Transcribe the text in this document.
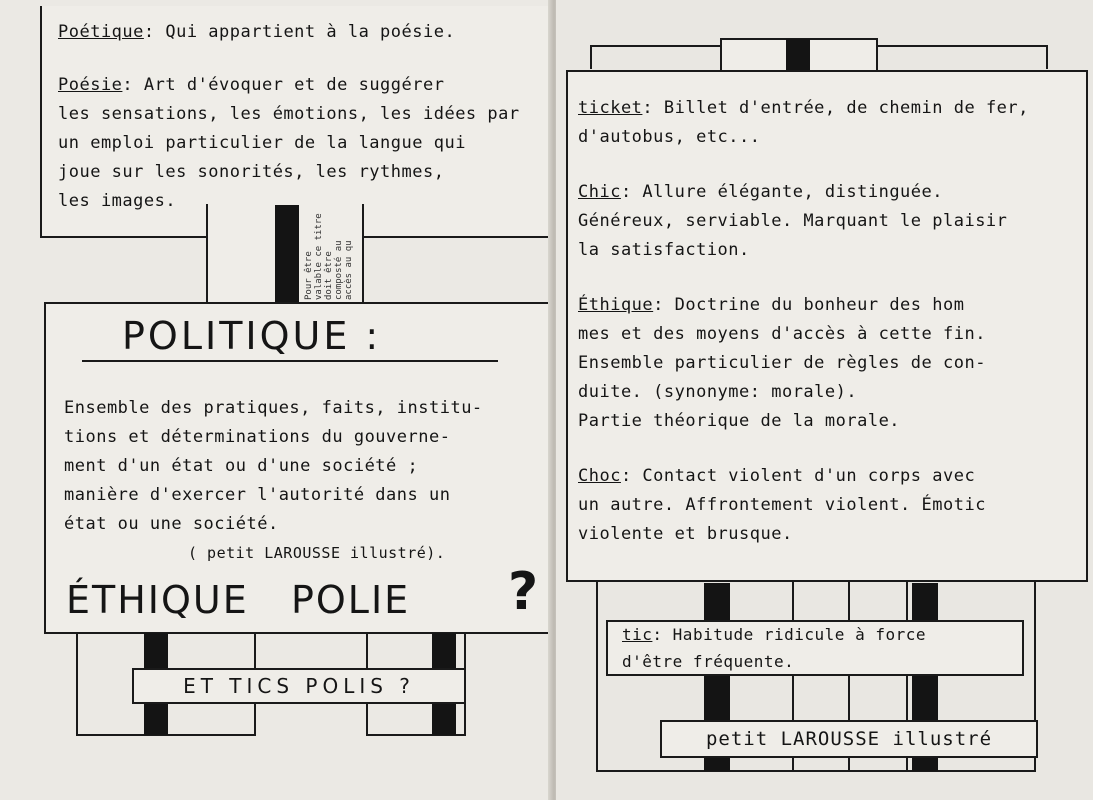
Poétique: Qui appartient à la poésie.
Poésie: Art d'évoquer et de suggérer
les sensations, les émotions, les idées par
un emploi particulier de la langue qui
joue sur les sonorités, les rythmes,
les images.
Pour être valable ce titre doit être composté au accès au qu
POLITIQUE :
Ensemble des pratiques, faits, institu-
tions et déterminations du gouverne-
ment d'un état ou d'une société ;
manière d'exercer l'autorité dans un
état ou une société.
( petit LAROUSSE illustré).
ÉTHIQUE   POLIE ?
ET TICS POLIS ?
ticket: Billet d'entrée, de chemin de fer,
d'autobus, etc...
Chic: Allure élégante, distinguée.
Généreux, serviable. Marquant le plaisir
la satisfaction.
Éthique: Doctrine du bonheur des hom
mes et des moyens d'accès à cette fin.
Ensemble particulier de règles de con-
duite. (synonyme: morale).
Partie théorique de la morale.
Choc: Contact violent d'un corps avec
un autre. Affrontement violent. Émotic
violente et brusque.
tic: Habitude ridicule à force
d'être fréquente.
petit LAROUSSE illustré
